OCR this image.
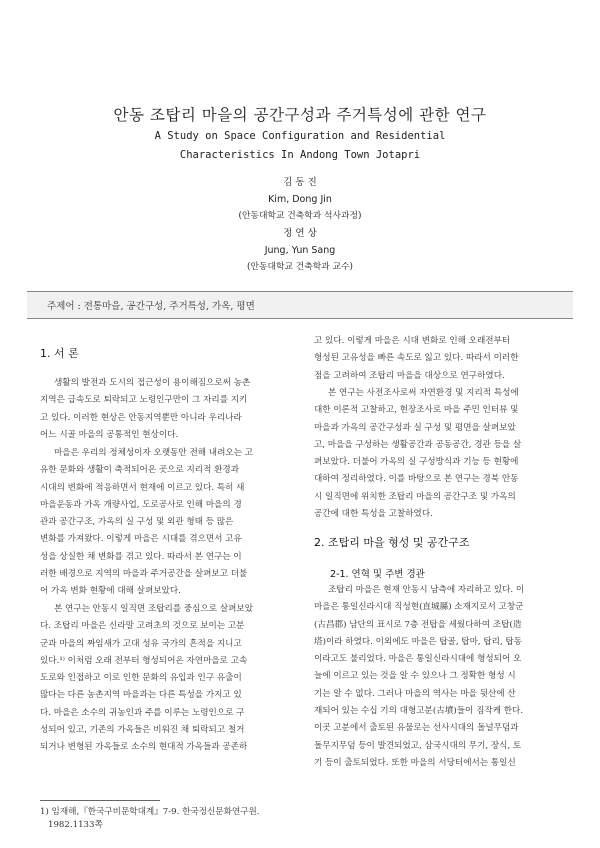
안동 조탑리 마을의 공간구성과 주거특성에 관한 연구
A Study on Space Configuration and Residential
Characteristics In Andong Town Jotapri
김 동 진
Kim, Dong Jin
(안동대학교 건축학과 석사과정)
정 연 상
Jung, Yun Sang
(안동대학교 건축학과 교수)
주제어 : 전통마을, 공간구성, 주거특성, 가옥, 평면
1. 서 론
생활의 발전과 도시의 접근성이 용이해짐으로써 농촌
지역은 급속도로 퇴락되고 노령인구만이 그 자리를 지키
고 있다. 이러한 현상은 안동지역뿐만 아니라 우리나라
어느 시골 마을의 공통적인 현상이다.
마을은 우리의 정체성이자 오랫동안 전해 내려오는 고
유한 문화와 생활이 축적되어온 곳으로 지리적 환경과
시대의 변화에 적응하면서 현재에 이르고 있다. 특히 새
마을운동과 가옥 개량사업, 도로공사로 인해 마을의 경
관과 공간구조, 가옥의 실 구성 및 외관 형태 등 많은
변화를 가져왔다. 이렇게 마을은 시대를 겪으면서 고유
성을 상실한 채 변화를 겪고 있다. 따라서 본 연구는 이
러한 배경으로 지역의 마을과 주거공간을 살펴보고 더불
어 가옥 변화 현황에 대해 살펴보았다.
본 연구는 안동시 일직면 조탑리를 중심으로 살펴보았
다. 조탑리 마을은 신라말 고려초의 것으로 보이는 고분
군과 마을의 짜임새가 고대 성유 국가의 흔적을 지니고
있다.¹⁾ 이처럼 오래 전부터 형성되어온 자연마을로 고속
도로와 인접하고 이로 인한 문화의 유입과 인구 유출이
많다는 다른 농촌지역 마을과는 다른 특성을 가지고 있
다. 마을은 소수의 귀농인과 주를 이루는 노령인으로 구
성되어 있고, 기존의 가옥들은 비워진 채 퇴락되고 철거
되거나 변형된 가옥들로 소수의 현대적 가옥들과 공존하
1) 임재해,『한국구비문학대계』7-9. 한국정신문화연구원.
1982.1133쪽
고 있다. 이렇게 마을은 시대 변화로 인해 오래전부터
형성된 고유성을 빠른 속도로 잃고 있다. 따라서 이러한
점을 고려하여 조탑리 마을을 대상으로 연구하였다.
본 연구는 사전조사로써 자연환경 및 지리적 특성에
대한 이론적 고찰하고, 현장조사로 마을 주민 인터뷰 및
마을과 가옥의 공간구성과 실 구성 및 평면을 살펴보았
고, 마을을 구성하는 생활공간과 공동공간, 경관 등을 살
펴보았다. 더불어 가옥의 실 구성방식과 기능 등 현황에
대하여 정리하였다. 이를 바탕으로 본 연구는 경북 안동
시 일직면에 위치한 조탑리 마을의 공간구조 및 가옥의
공간에 대한 특성을 고찰하였다.
2. 조탑리 마을 형성 및 공간구조
2-1. 연혁 및 주변 경관
조탑리 마을은 현재 안동시 남측에 자리하고 있다. 이
마을은 통일신라시대 직성현(直城縣) 소재지로서 고창군
(古昌郡) 남단의 표시로 7층 전탑을 세웠다하여 조탑(造
塔)이라 하였다. 이외에도 마을은 탑골, 탑마, 탑리, 탑동
이라고도 불리었다. 마을은 통일신라시대에 형성되어 오
늘에 이르고 있는 것을 알 수 있으나 그 정확한 형성 시
기는 알 수 없다. 그러나 마을의 역사는 마을 뒷산에 산
재되어 있는 수십 기의 대형고분(古墳)들이 짐작케 한다.
이곳 고분에서 출토된 유물로는 선사시대의 돌널무덤과
돌무지무덤 등이 발견되었고, 삼국시대의 무기, 장식, 토
기 등이 출토되었다. 또한 마을의 서당터에서는 통일신
